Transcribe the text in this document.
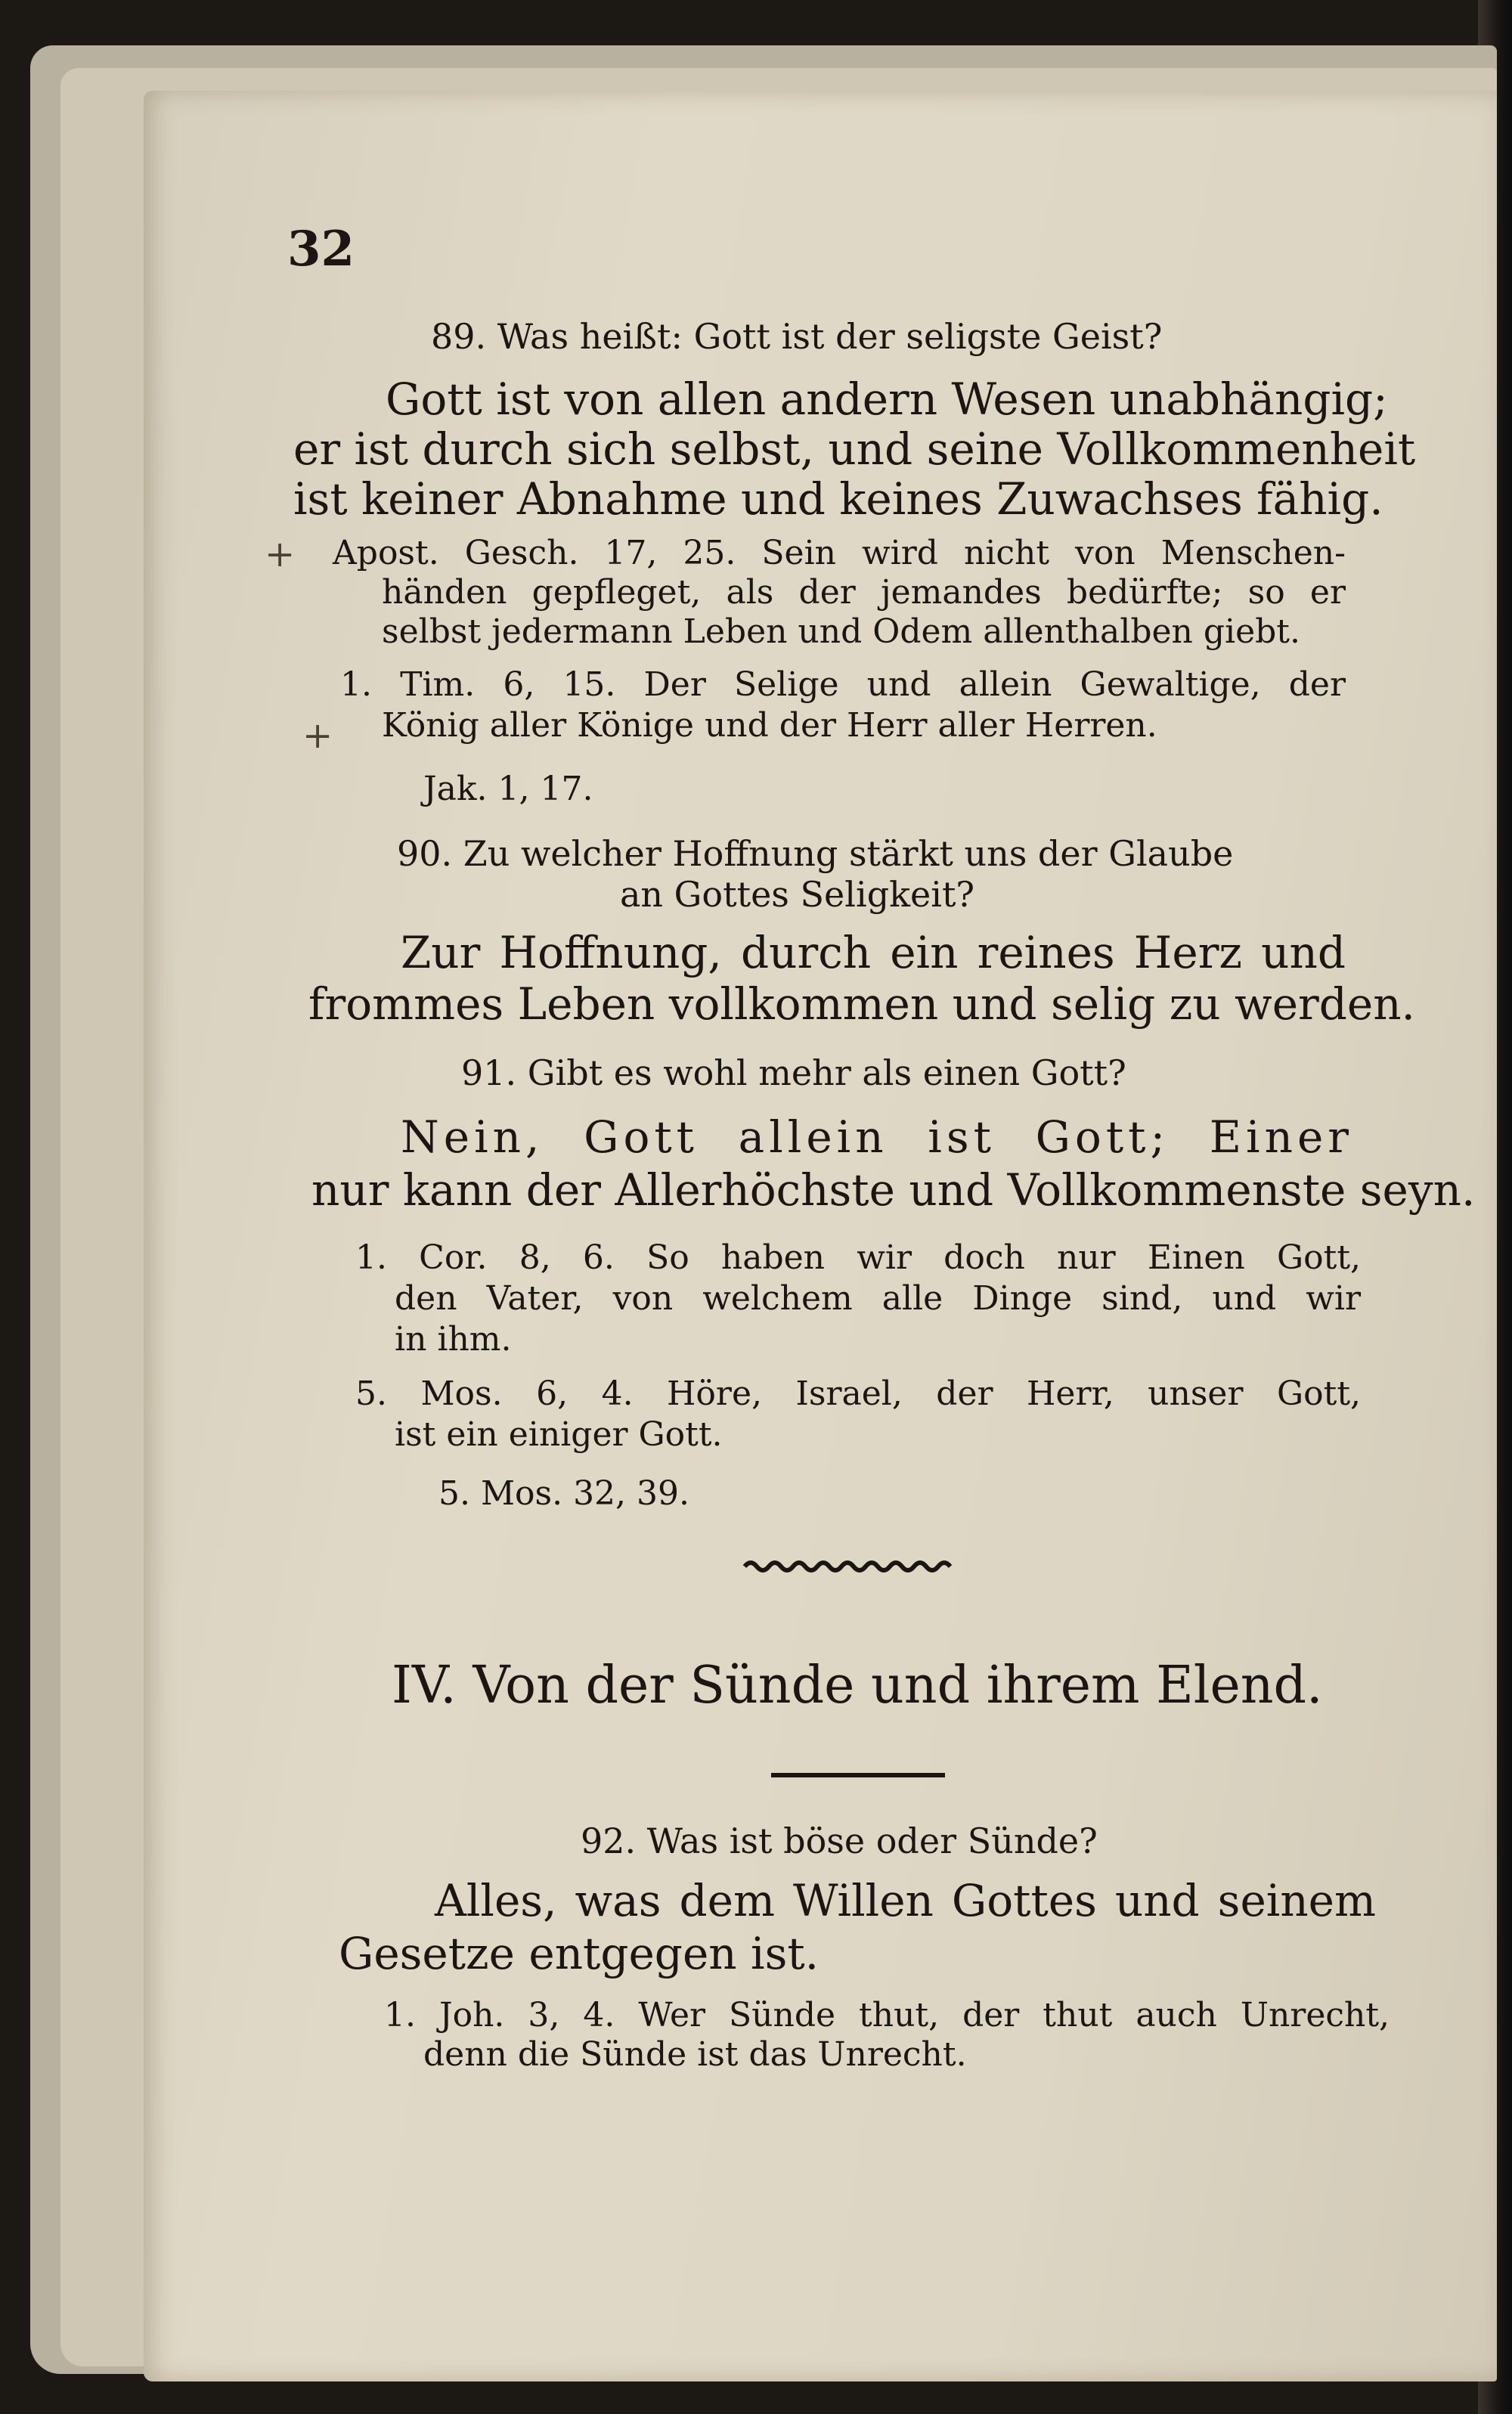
32
89. Was heißt: Gott ist der seligste Geist?
Gott ist von allen andern Wesen unabhängig;
er ist durch sich selbst, und seine Vollkommenheit
ist keiner Abnahme und keines Zuwachses fähig.
Apost. Gesch. 17, 25. Sein wird nicht von Menschen-
händen gepfleget, als der jemandes bedürfte; so er
selbst jedermann Leben und Odem allenthalben giebt.
1. Tim. 6, 15. Der Selige und allein Gewaltige, der
König aller Könige und der Herr aller Herren.
Jak. 1, 17.
90. Zu welcher Hoffnung stärkt uns der Glaube
an Gottes Seligkeit?
Zur Hoffnung, durch ein reines Herz und
frommes Leben vollkommen und selig zu werden.
91. Gibt es wohl mehr als einen Gott?
Nein, Gott allein ist Gott; Einer
nur kann der Allerhöchste und Vollkommenste seyn.
1. Cor. 8, 6. So haben wir doch nur Einen Gott,
den Vater, von welchem alle Dinge sind, und wir
in ihm.
5. Mos. 6, 4. Höre, Israel, der Herr, unser Gott,
ist ein einiger Gott.
5. Mos. 32, 39.
IV. Von der Sünde und ihrem Elend.
92. Was ist böse oder Sünde?
Alles, was dem Willen Gottes und seinem
Gesetze entgegen ist.
1. Joh. 3, 4. Wer Sünde thut, der thut auch Unrecht,
denn die Sünde ist das Unrecht.
+
+
